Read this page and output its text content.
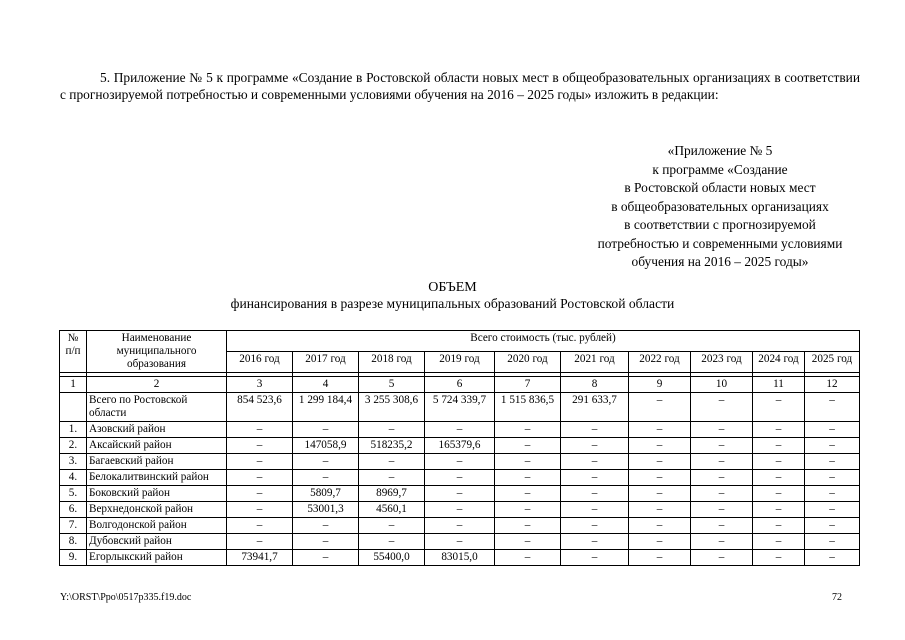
5. Приложение № 5 к программе «Создание в Ростовской области новых мест в общеобразовательных организациях в соответствии с прогнозируемой потребностью и современными условиями обучения на 2016 – 2025 годы» изложить в редакции:
«Приложение № 5
к программе «Создание
в Ростовской области новых мест
в общеобразовательных организациях
в соответствии с прогнозируемой
потребностью и современными условиями
обучения на 2016 – 2025 годы»
ОБЪЕМ
финансирования в разрезе муниципальных образований Ростовской области
№ п/п	Наименование муниципального образования	Всего стоимость (тыс. рублей)									
		2016 год	2017 год	2018 год	2019 год	2020 год	2021 год	2022 год	2023 год	2024 год	2025 год

1	2	3	4	5	6	7	8	9	10	11	12
	Всего по Ростовской области	854 523,6	1 299 184,4	3 255 308,6	5 724 339,7	1 515 836,5	291 633,7	–	–	–	–
1.	Азовский район	–	–	–	–	–	–	–	–	–	–
2.	Аксайский район	–	147058,9	518235,2	165379,6	–	–	–	–	–	–
3.	Багаевский район	–	–	–	–	–	–	–	–	–	–
4.	Белокалитвинский район	–	–	–	–	–	–	–	–	–	–
5.	Боковский район	–	5809,7	8969,7	–	–	–	–	–	–	–
6.	Верхнедонской район	–	53001,3	4560,1	–	–	–	–	–	–	–
7.	Волгодонской район	–	–	–	–	–	–	–	–	–	–
8.	Дубовский район	–	–	–	–	–	–	–	–	–	–
9.	Егорлыкский район	73941,7	–	55400,0	83015,0	–	–	–	–	–	–
Y:\ORST\Ppo\0517p335.f19.doc	72
